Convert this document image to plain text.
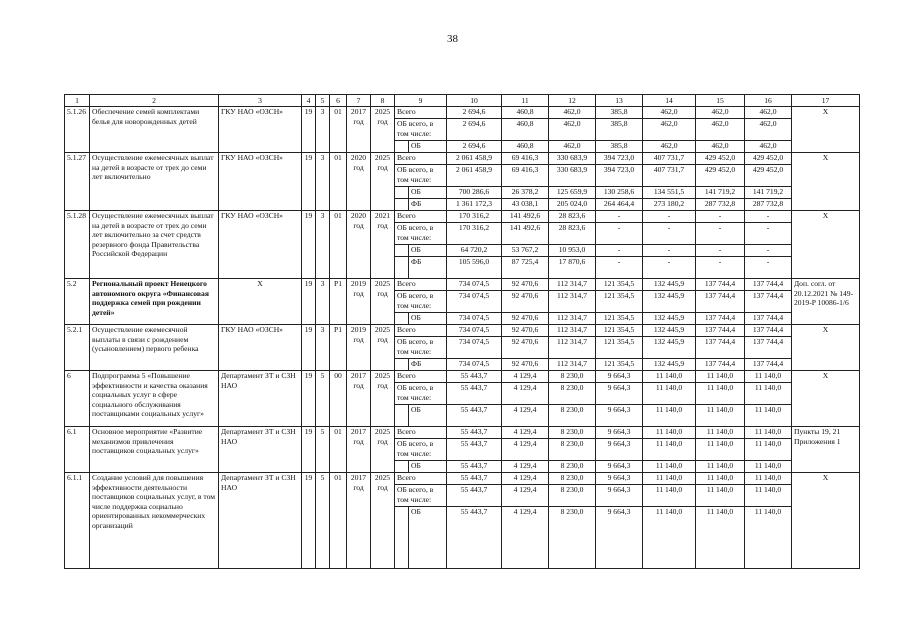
38
1	2	3	4	5	6	7	8	9		10	11	12	13	14	15	16	17
5.1.26	Обеспечение семей комплектами белья для новорожденных детей	ГКУ НАО «ОЗСН»	19	3	01	2017 год	2025 год	Всего		2 694,6	460,8	462,0	385,8	462,0	462,0	462,0	X
								ОБ всего, в том числе:		2 694,6	460,8	462,0	385,8	462,0	462,0	462,0	
									ОБ	2 694,6	460,8	462,0	385,8	462,0	462,0	462,0	
5.1.27	Осуществление ежемесячных выплат на детей в возрасте от трех до семи лет включительно	ГКУ НАО «ОЗСН»	19	3	01	2020 год	2025 год	Всего		2 061 458,9	69 416,3	330 683,9	394 723,0	407 731,7	429 452,0	429 452,0	X
								ОБ всего, в том числе:		2 061 458,9	69 416,3	330 683,9	394 723,0	407 731,7	429 452,0	429 452,0	
									ОБ	700 286,6	26 378,2	125 659,9	130 258,6	134 551,5	141 719,2	141 719,2	
									ФБ	1 361 172,3	43 038,1	205 024,0	264 464,4	273 180,2	287 732,8	287 732,8	
5.1.28	Осуществление ежемесячных выплат на детей в возрасте от трех до семи лет включительно за счет средств резервного фонда Правительства Российской Федерации	ГКУ НАО «ОЗСН»	19	3	01	2020 год	2021 год	Всего		170 316,2	141 492,6	28 823,6	-	-	-	-	X
								ОБ всего, в том числе:		170 316,2	141 492,6	28 823,6	-	-	-	-	
									ОБ	64 720,2	53 767,2	10 953,0	-	-	-	-	
									ФБ	105 596,0	87 725,4	17 870,6	-	-	-	-	
5.2	Региональный проект Ненецкого автономного округа «Финансовая поддержка семей при рождении детей»	X	19	3	P1	2019 год	2025 год	Всего		734 074,5	92 470,6	112 314,7	121 354,5	132 445,9	137 744,4	137 744,4	Доп. согл. от 20.12.2021 № 149-2019-P 10086-1/6
								ОБ всего, в том числе:		734 074,5	92 470,6	112 314,7	121 354,5	132 445,9	137 744,4	137 744,4	
									ОБ	734 074,5	92 470,6	112 314,7	121 354,5	132 445,9	137 744,4	137 744,4	
5.2.1	Осуществление ежемесячной выплаты в связи с рождением (усыновлением) первого ребенка	ГКУ НАО «ОЗСН»	19	3	P1	2019 год	2025 год	Всего		734 074,5	92 470,6	112 314,7	121 354,5	132 445,9	137 744,4	137 744,4	X
								ОБ всего, в том числе:		734 074,5	92 470,6	112 314,7	121 354,5	132 445,9	137 744,4	137 744,4	
									ФБ	734 074,5	92 470,6	112 314,7	121 354,5	132 445,9	137 744,4	137 744,4	
6	Подпрограмма 5 «Повышение эффективности и качества оказания социальных услуг в сфере социального обслуживания поставщиками социальных услуг»	Департамент ЗТ и СЗН НАО	19	5	00	2017 год	2025 год	Всего		55 443,7	4 129,4	8 230,0	9 664,3	11 140,0	11 140,0	11 140,0	X
								ОБ всего, в том числе:		55 443,7	4 129,4	8 230,0	9 664,3	11 140,0	11 140,0	11 140,0	
									ОБ	55 443,7	4 129,4	8 230,0	9 664,3	11 140,0	11 140,0	11 140,0	
6.1	Основное мероприятие «Развитие механизмов привлечения поставщиков социальных услуг»	Департамент ЗТ и СЗН НАО	19	5	01	2017 год	2025 год	Всего		55 443,7	4 129,4	8 230,0	9 664,3	11 140,0	11 140,0	11 140,0	Пункты 19, 21 Приложения 1
								ОБ всего, в том числе:		55 443,7	4 129,4	8 230,0	9 664,3	11 140,0	11 140,0	11 140,0	
									ОБ	55 443,7	4 129,4	8 230,0	9 664,3	11 140,0	11 140,0	11 140,0	
6.1.1	Создание условий для повышения эффективности деятельности поставщиков социальных услуг, в том числе поддержка социально ориентированных некоммерческих организаций	Департамент ЗТ и СЗН НАО	19	5	01	2017 год	2025 год	Всего		55 443,7	4 129,4	8 230,0	9 664,3	11 140,0	11 140,0	11 140,0	X
								ОБ всего, в том числе:		55 443,7	4 129,4	8 230,0	9 664,3	11 140,0	11 140,0	11 140,0	
									ОБ	55 443,7	4 129,4	8 230,0	9 664,3	11 140,0	11 140,0	11 140,0	
